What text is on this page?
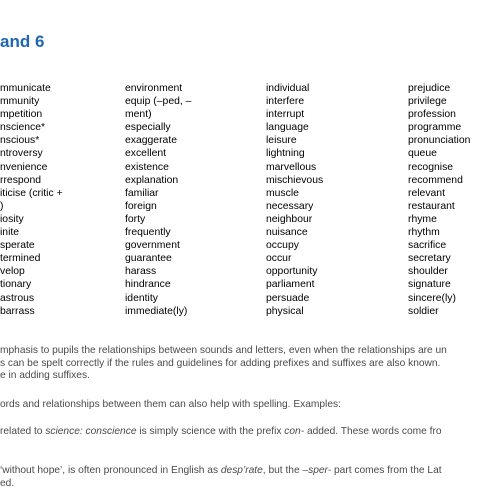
and 6
mmunicate
mmunity
mpetition
nscience*
nscious*
ntroversy
nvenience
rrespond
iticise (critic +
)
iosity
inite
sperate
termined
velop
tionary
astrous
barrass
environment
equip (–ped, –
ment)
especially
exaggerate
excellent
existence
explanation
familiar
foreign
forty
frequently
government
guarantee
harass
hindrance
identity
immediate(ly)
individual
interfere
interrupt
language
leisure
lightning
marvellous
mischievous
muscle
necessary
neighbour
nuisance
occupy
occur
opportunity
parliament
persuade
physical
prejudice
privilege
profession
programme
pronunciation
queue
recognise
recommend
relevant
restaurant
rhyme
rhythm
sacrifice
secretary
shoulder
signature
sincere(ly)
soldier
mphasis to pupils the relationships between sounds and letters, even when the relationships are un
s can be spelt correctly if the rules and guidelines for adding prefixes and suffixes are also known.
e in adding suffixes.
ords and relationships between them can also help with spelling. Examples:
related to science: conscience is simply science with the prefix con- added. These words come fro
‘without hope’, is often pronounced in English as desp’rate, but the –sper- part comes from the Lat
ed.
